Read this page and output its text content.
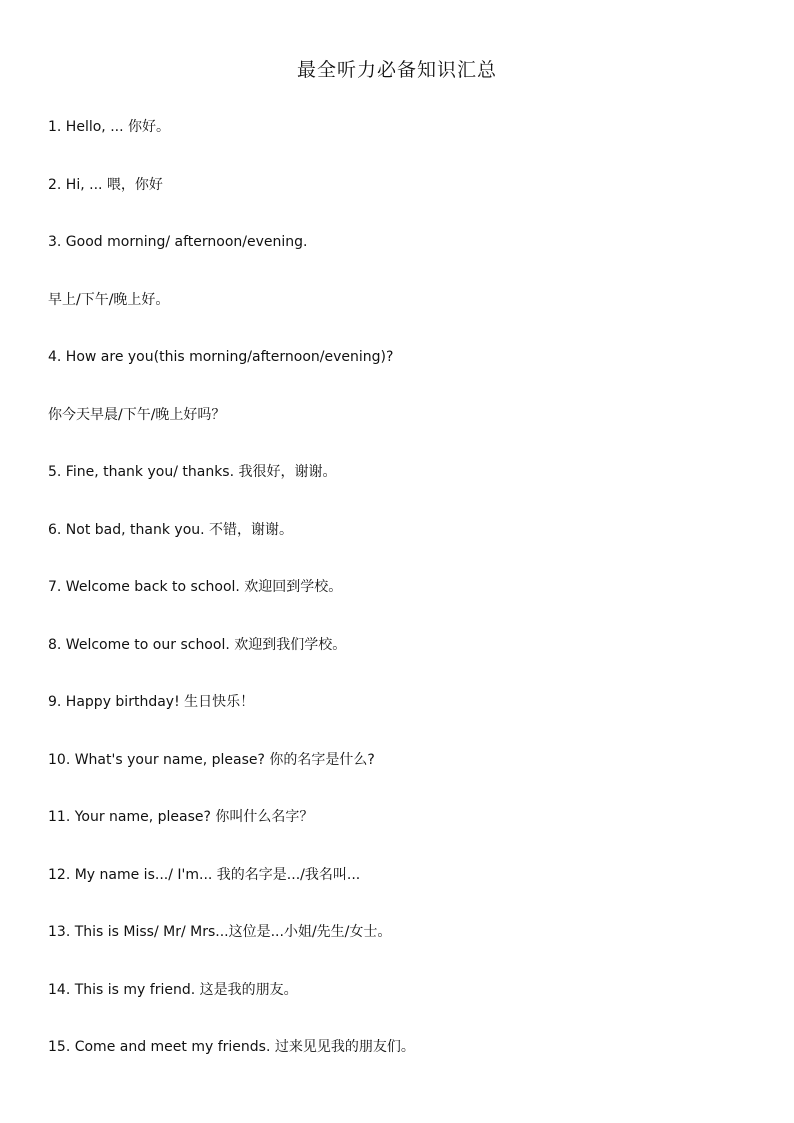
最全听力必备知识汇总
1. Hello, ... 你好。
2. Hi, ... 喂，你好
3. Good morning/ afternoon/evening.
早上/下午/晚上好。
4. How are you(this morning/afternoon/evening)?
你今天早晨/下午/晚上好吗？
5. Fine, thank you/ thanks. 我很好，谢谢。
6. Not bad, thank you. 不错，谢谢。
7. Welcome back to school. 欢迎回到学校。
8. Welcome to our school. 欢迎到我们学校。
9. Happy birthday! 生日快乐！
10. What's your name, please? 你的名字是什么?
11. Your name, please? 你叫什么名字？
12. My name is.../ I'm... 我的名字是.../我名叫...
13. This is Miss/ Mr/ Mrs...这位是...小姐/先生/女士。
14. This is my friend. 这是我的朋友。
15. Come and meet my friends. 过来见见我的朋友们。
